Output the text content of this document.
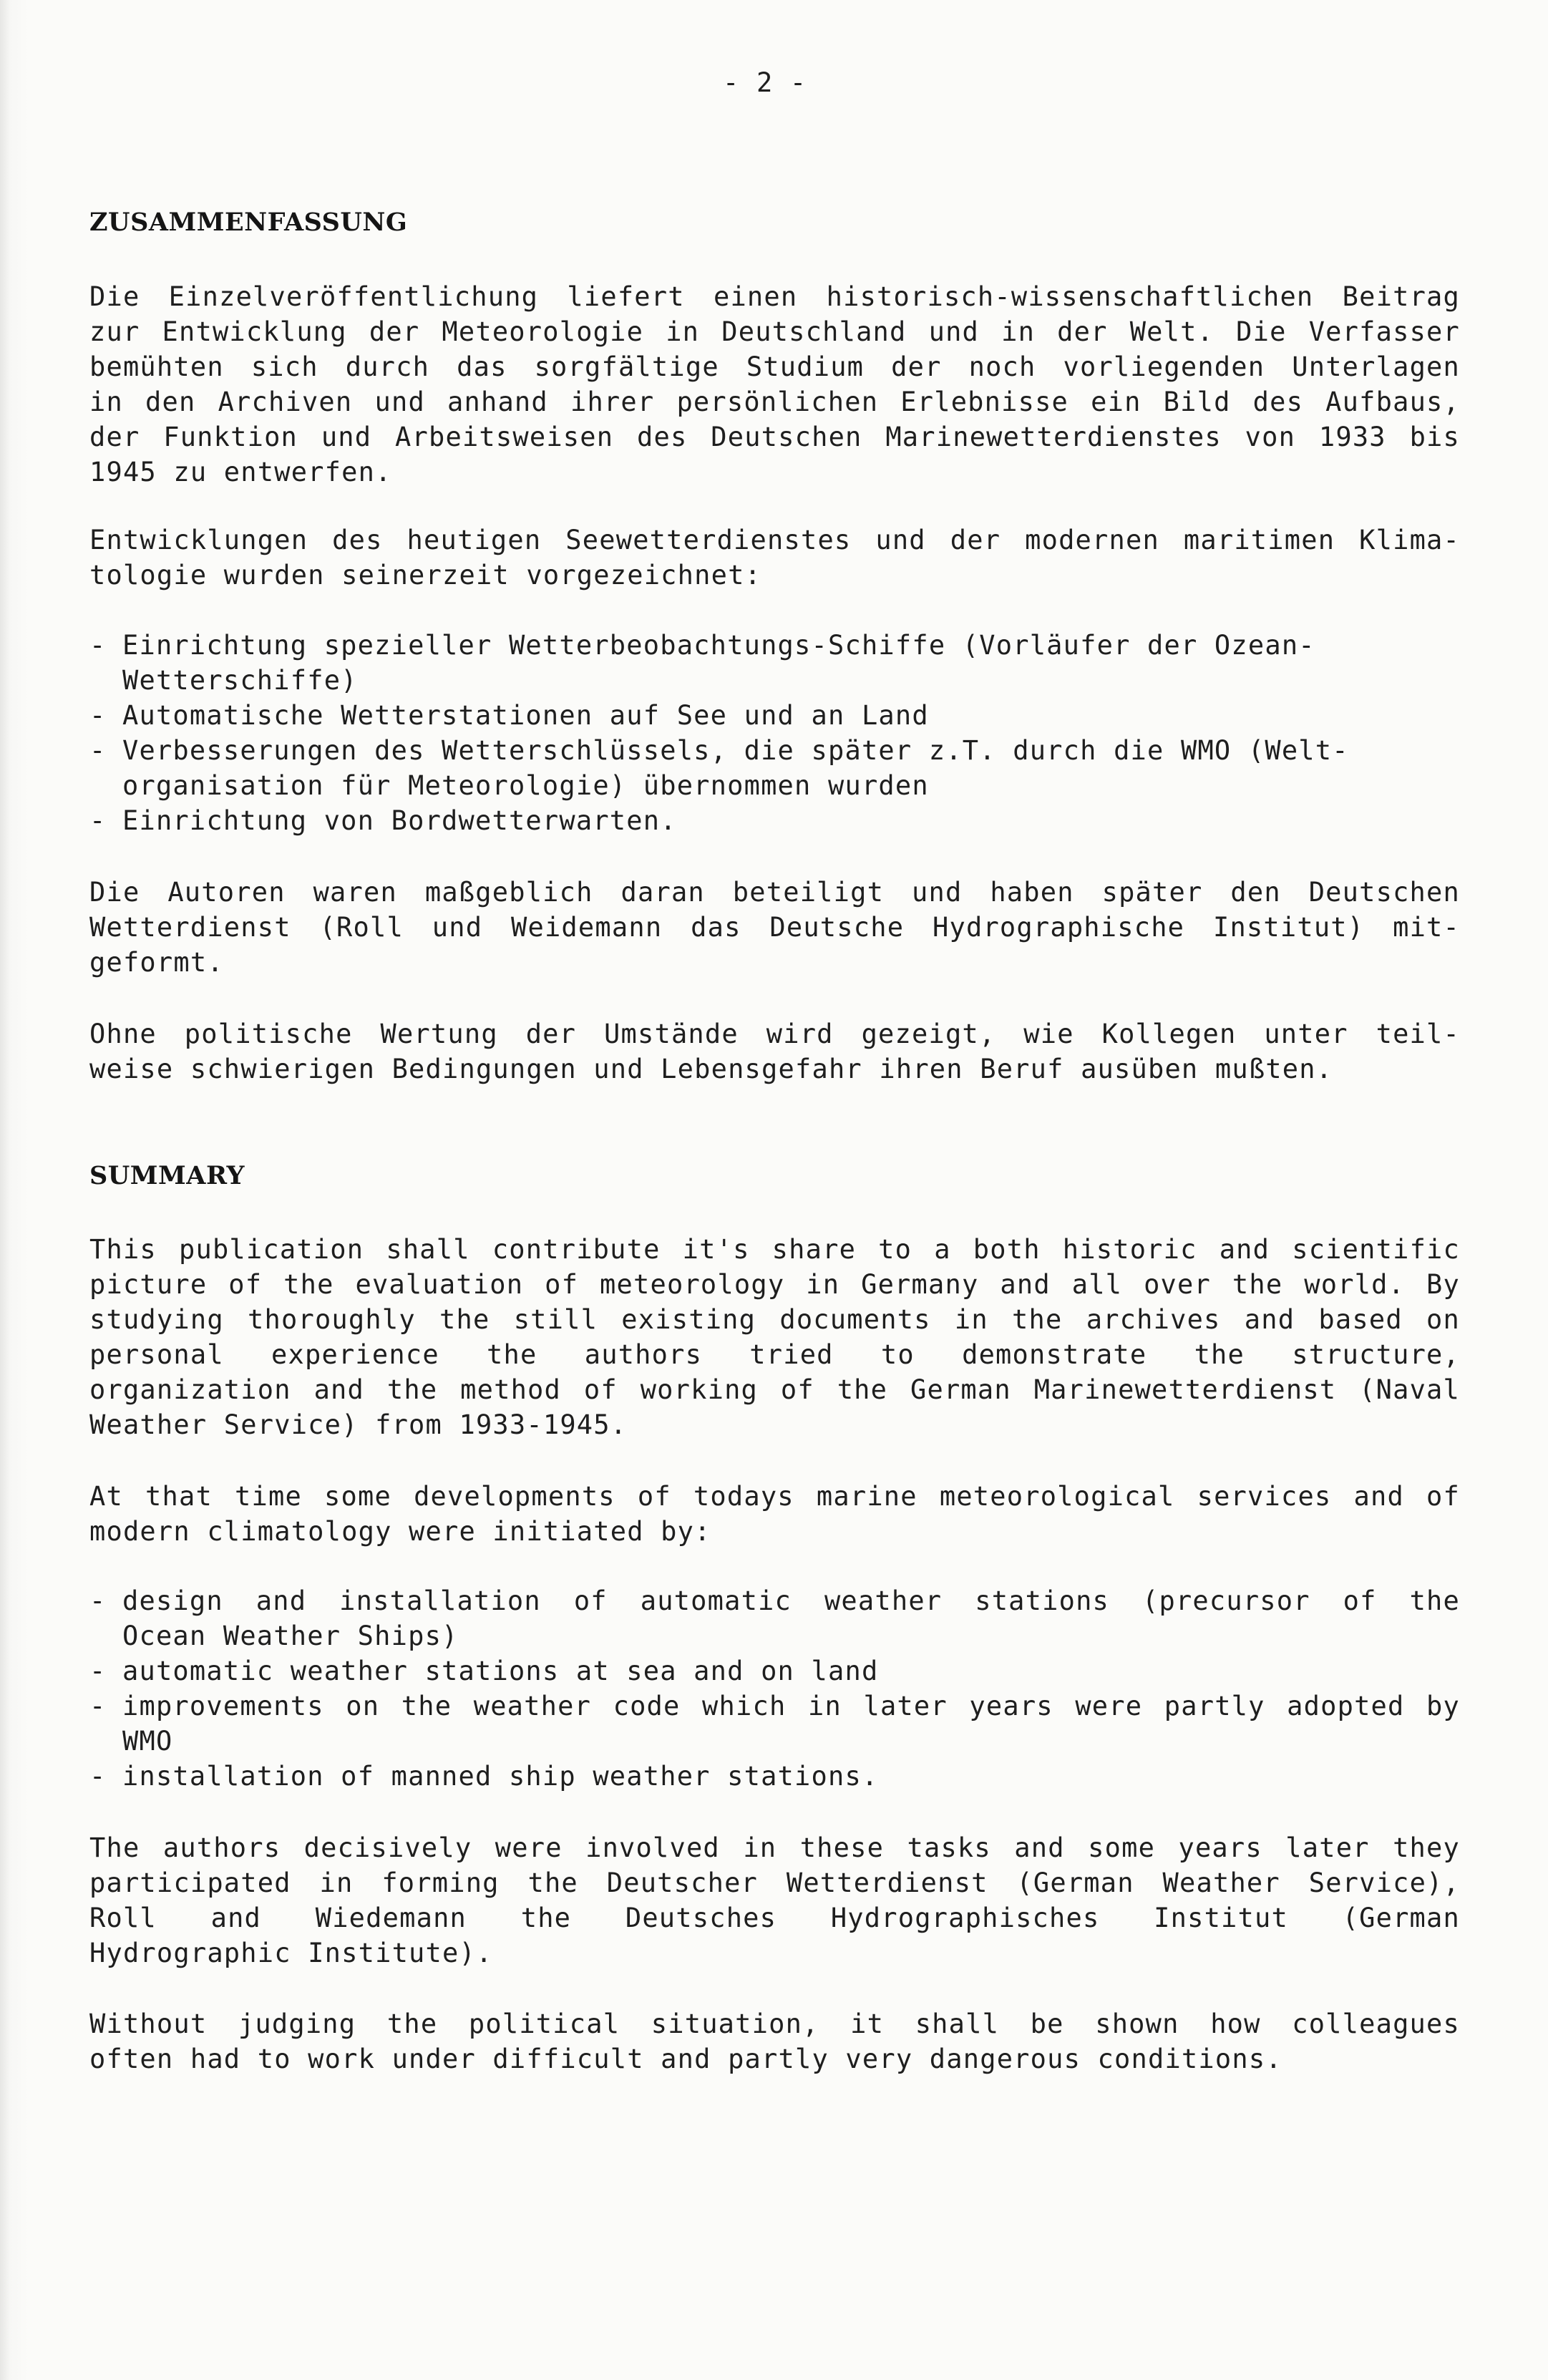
- 2 -
ZUSAMMENFASSUNG
Die Einzelveröffentlichung liefert einen historisch-wissenschaftlichen Beitrag
zur Entwicklung der Meteorologie in Deutschland und in der Welt. Die Verfasser
bemühten sich durch das sorgfältige Studium der noch vorliegenden Unterlagen
in den Archiven und anhand ihrer persönlichen Erlebnisse ein Bild des Aufbaus,
der Funktion und Arbeitsweisen des Deutschen Marinewetterdienstes von 1933 bis
1945 zu entwerfen.
Entwicklungen des heutigen Seewetterdienstes und der modernen maritimen Klima-
tologie wurden seinerzeit vorgezeichnet:
- Einrichtung spezieller Wetterbeobachtungs-Schiffe (Vorläufer der Ozean-
Wetterschiffe)
- Automatische Wetterstationen auf See und an Land
- Verbesserungen des Wetterschlüssels, die später z.T. durch die WMO (Welt-
organisation für Meteorologie) übernommen wurden
- Einrichtung von Bordwetterwarten.
Die Autoren waren maßgeblich daran beteiligt und haben später den Deutschen
Wetterdienst (Roll und Weidemann das Deutsche Hydrographische Institut) mit-
geformt.
Ohne politische Wertung der Umstände wird gezeigt, wie Kollegen unter teil-
weise schwierigen Bedingungen und Lebensgefahr ihren Beruf ausüben mußten.
SUMMARY
This publication shall contribute it's share to a both historic and scientific
picture of the evaluation of meteorology in Germany and all over the world. By
studying thoroughly the still existing documents in the archives and based on
personal experience the authors tried to demonstrate the structure,
organization and the method of working of the German Marinewetterdienst (Naval
Weather Service) from 1933-1945.
At that time some developments of todays marine meteorological services and of
modern climatology were initiated by:
- design and installation of automatic weather stations (precursor of the
Ocean Weather Ships)
- automatic weather stations at sea and on land
- improvements on the weather code which in later years were partly adopted by
WMO
- installation of manned ship weather stations.
The authors decisively were involved in these tasks and some years later they
participated in forming the Deutscher Wetterdienst (German Weather Service),
Roll and Wiedemann the Deutsches Hydrographisches Institut (German
Hydrographic Institute).
Without judging the political situation, it shall be shown how colleagues
often had to work under difficult and partly very dangerous conditions.
